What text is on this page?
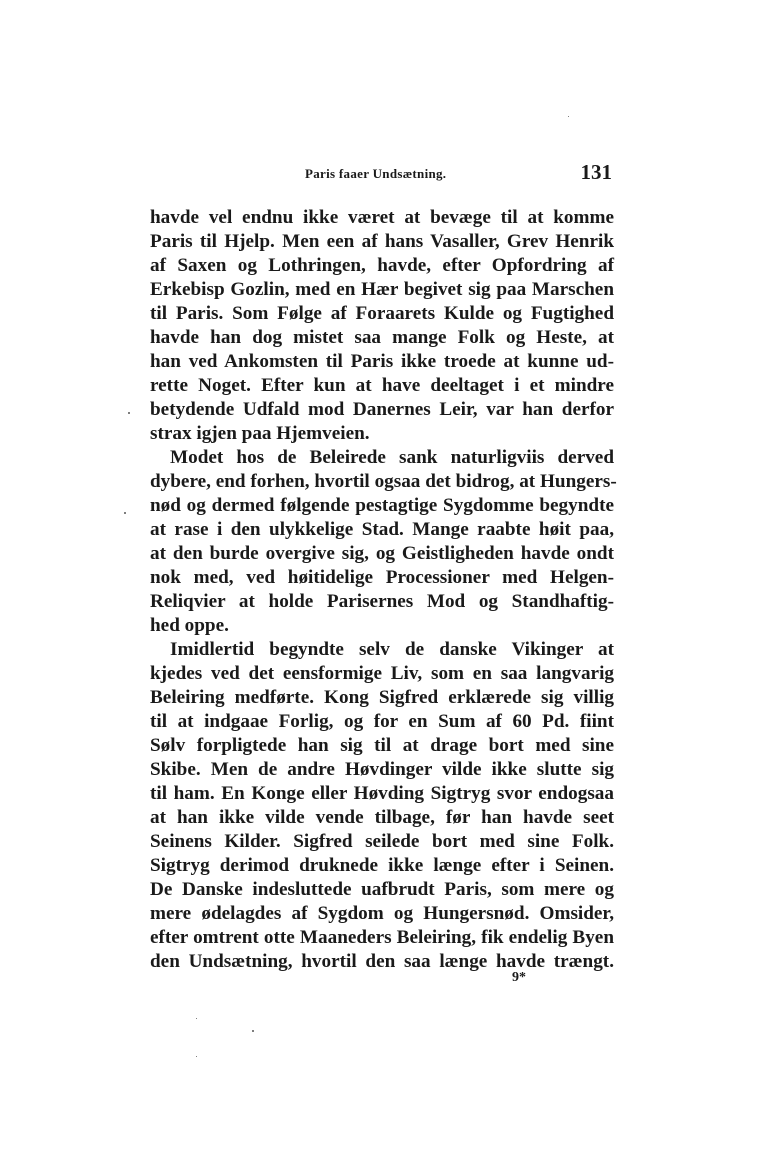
Paris faaer Undsætning.	131
havde vel endnu ikke været at bevæge til at komme
Paris til Hjelp. Men een af hans Vasaller, Grev Henrik
af Saxen og Lothringen, havde, efter Opfordring af
Erkebisp Gozlin, med en Hær begivet sig paa Marschen
til Paris. Som Følge af Foraarets Kulde og Fugtighed
havde han dog mistet saa mange Folk og Heste, at
han ved Ankomsten til Paris ikke troede at kunne ud-
rette Noget. Efter kun at have deeltaget i et mindre
betydende Udfald mod Danernes Leir, var han derfor
strax igjen paa Hjemveien.
Modet hos de Beleirede sank naturligviis derved
dybere, end forhen, hvortil ogsaa det bidrog, at Hungers-
nød og dermed følgende pestagtige Sygdomme begyndte
at rase i den ulykkelige Stad. Mange raabte høit paa,
at den burde overgive sig, og Geistligheden havde ondt
nok med, ved høitidelige Processioner med Helgen-
Reliqvier at holde Parisernes Mod og Standhaftig-
hed oppe.
Imidlertid begyndte selv de danske Vikinger at
kjedes ved det eensformige Liv, som en saa langvarig
Beleiring medførte. Kong Sigfred erklærede sig villig
til at indgaae Forlig, og for en Sum af 60 Pd. fiint
Sølv forpligtede han sig til at drage bort med sine
Skibe. Men de andre Høvdinger vilde ikke slutte sig
til ham. En Konge eller Høvding Sigtryg svor endogsaa
at han ikke vilde vende tilbage, før han havde seet
Seinens Kilder. Sigfred seilede bort med sine Folk.
Sigtryg derimod druknede ikke længe efter i Seinen.
De Danske indesluttede uafbrudt Paris, som mere og
mere ødelagdes af Sygdom og Hungersnød. Omsider,
efter omtrent otte Maaneders Beleiring, fik endelig Byen
den Undsætning, hvortil den saa længe havde trængt.
9*
